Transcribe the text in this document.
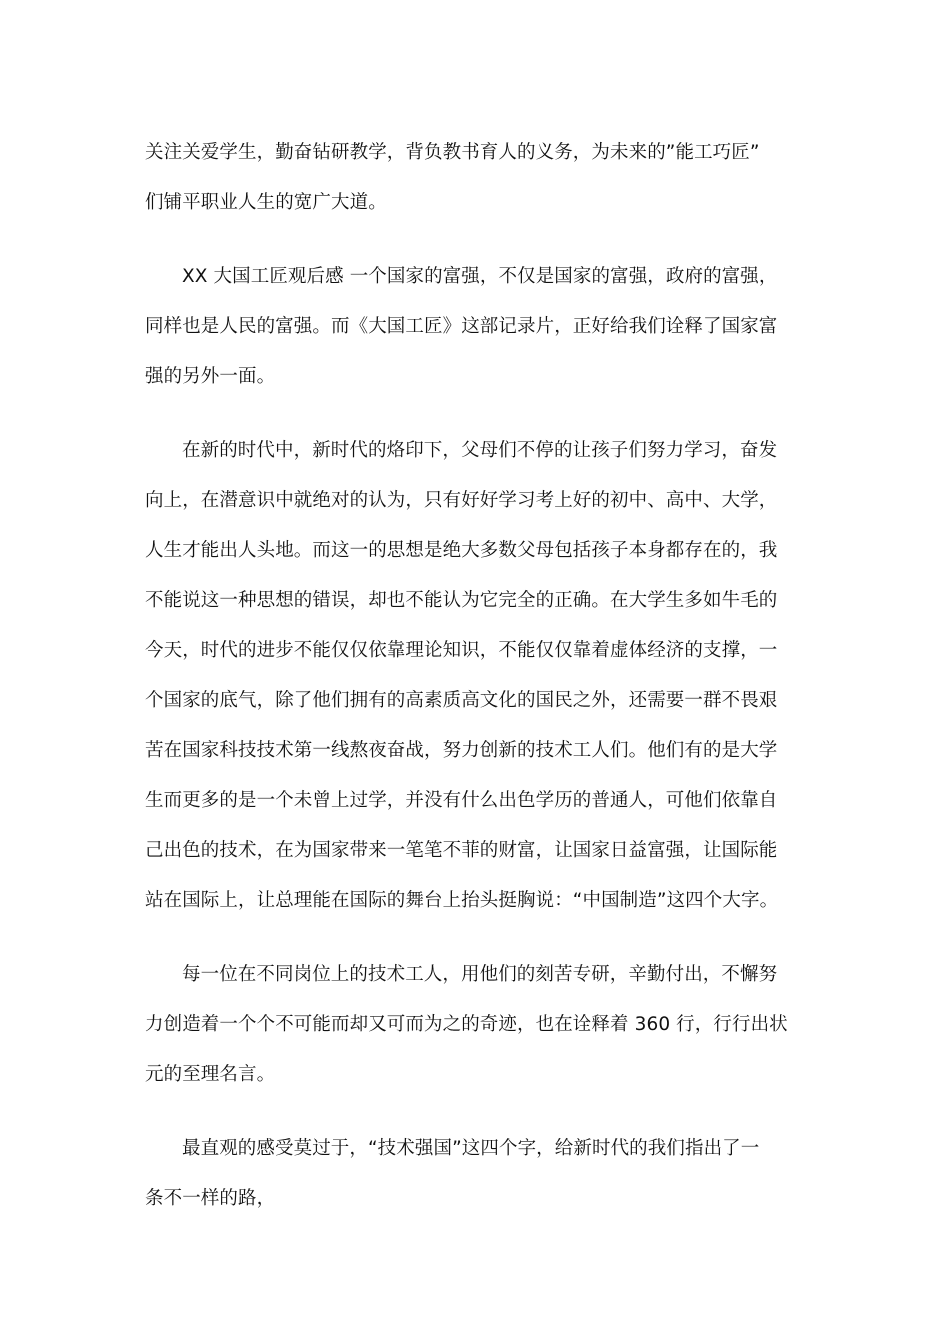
关注关爱学生，勤奋钻研教学，背负教书育人的义务，为未来的”能工巧匠”

们铺平职业人生的宽广大道。

XX 大国工匠观后感 一个国家的富强，不仅是国家的富强，政府的富强，

同样也是人民的富强。而《大国工匠》这部记录片，正好给我们诠释了国家富

强的另外一面。

在新的时代中，新时代的烙印下，父母们不停的让孩子们努力学习，奋发

向上，在潜意识中就绝对的认为，只有好好学习考上好的初中、高中、大学，

人生才能出人头地。而这一的思想是绝大多数父母包括孩子本身都存在的，我

不能说这一种思想的错误，却也不能认为它完全的正确。在大学生多如牛毛的

今天，时代的进步不能仅仅依靠理论知识，不能仅仅靠着虚体经济的支撑，一

个国家的底气，除了他们拥有的高素质高文化的国民之外，还需要一群不畏艰

苦在国家科技技术第一线熬夜奋战，努力创新的技术工人们。他们有的是大学

生而更多的是一个未曾上过学，并没有什么出色学历的普通人，可他们依靠自

己出色的技术，在为国家带来一笔笔不菲的财富，让国家日益富强，让国际能

站在国际上，让总理能在国际的舞台上抬头挺胸说：“中国制造”这四个大字。

每一位在不同岗位上的技术工人，用他们的刻苦专研，辛勤付出，不懈努

力创造着一个个不可能而却又可而为之的奇迹，也在诠释着 360 行，行行出状

元的至理名言。

最直观的感受莫过于，“技术强国”这四个字，给新时代的我们指出了一

条不一样的路，
